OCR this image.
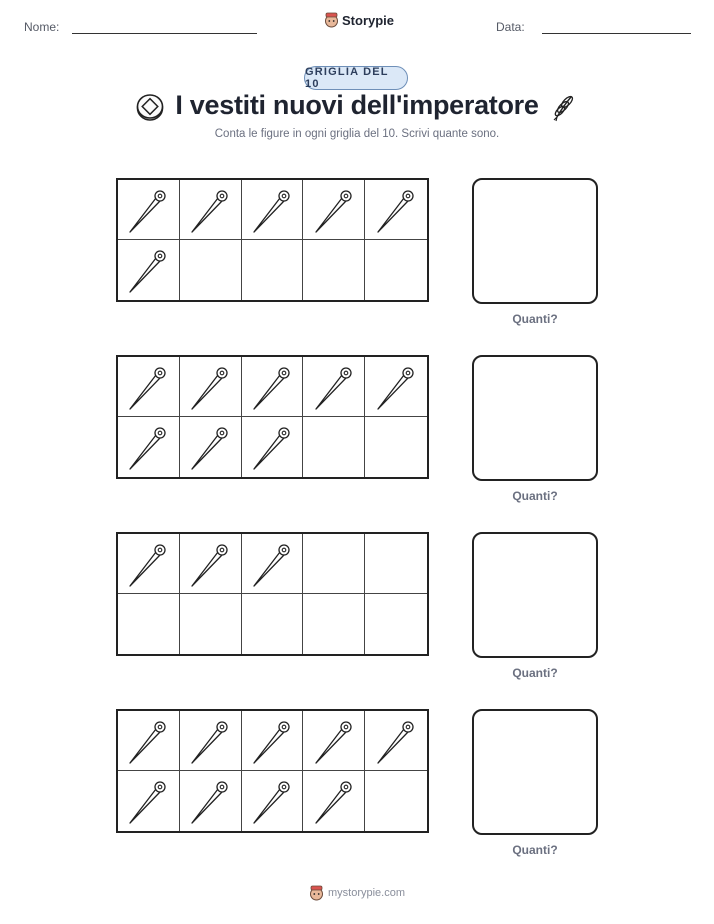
Nome:	Storypie	Data:
GRIGLIA DEL 10
I vestiti nuovi dell'imperatore
Conta le figure in ogni griglia del 10. Scrivi quante sono.
Quanti?
Quanti?
Quanti?
Quanti?
mystorypie.com
